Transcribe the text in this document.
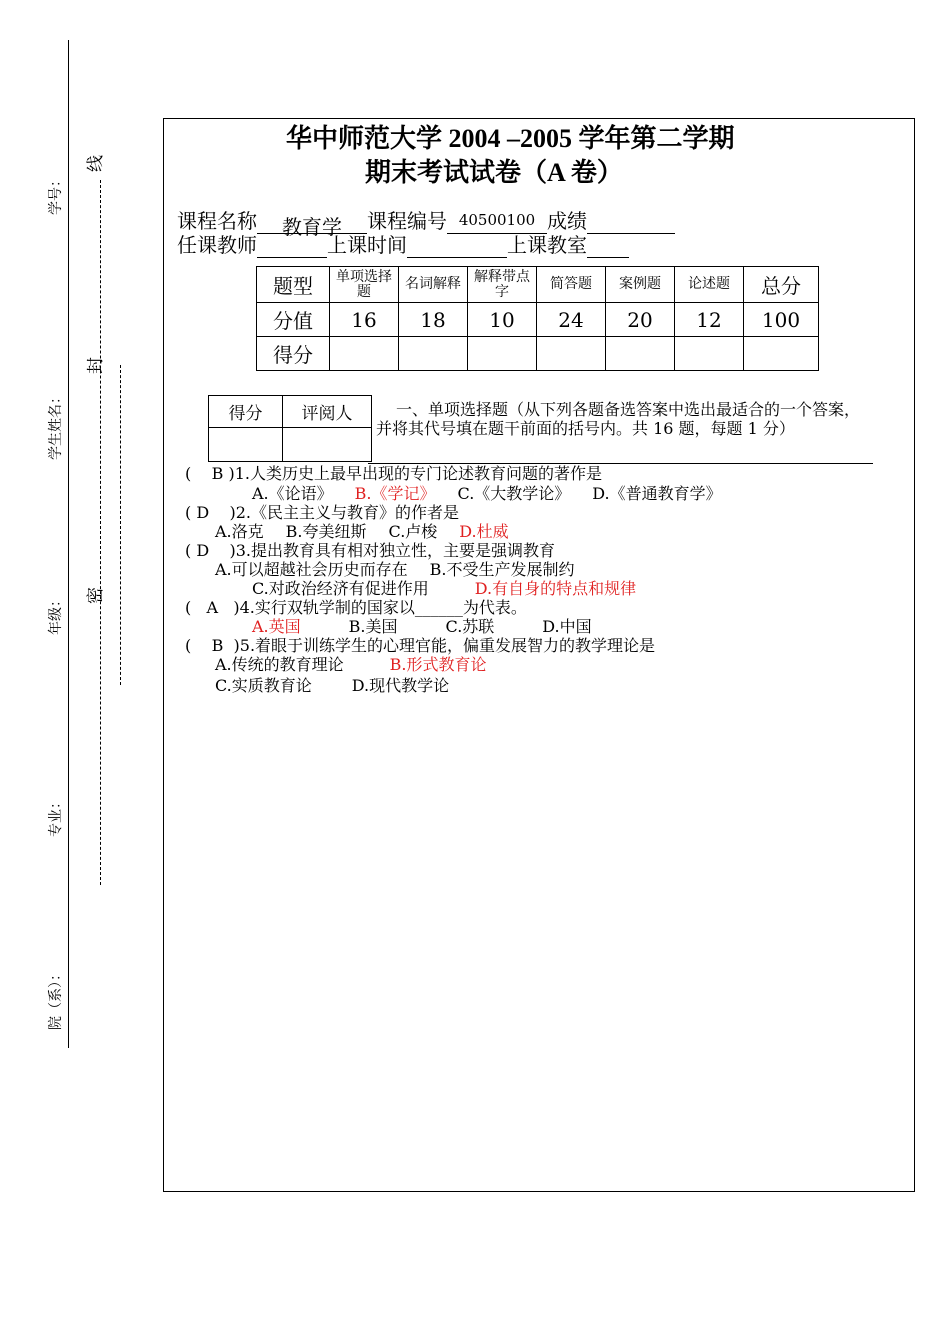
线
封
密
学号：
学生姓名：
年级：
专业：
院（系）：
华中师范大学 2004 –2005 学年第二学期
期末考试试卷（A 卷）
课程名称 教育学 课程编号 40500100 成绩
任课教师	上课时间	上课教室
题型	单项选择题	名词解释	解释带点字	简答题	案例题	论述题	总分
分值	16	18	10	24	20	12	100
得分							
得分	评阅人
		一、单项选择题（从下列各题备选答案中选出最适合的一个答案，并将其代号填在题干前面的括号内。共 16 题，每题 1 分）
(    B )1.人类历史上最早出现的专门论述教育问题的著作是
A.《论语》 B.《学记》 C.《大教学论》 D.《普通教育学》
( D    )2.《民主主义与教育》的作者是
A.洛克 B.夸美纽斯 C.卢梭 D.杜威
( D    )3.提出教育具有相对独立性，主要是强调教育
A.可以超越社会历史而存在 B.不受生产发展制约
C.对政治经济有促进作用	D.有自身的特点和规律
(   A   )4.实行双轨学制的国家以______为代表。
A.英国	B.美国	C.苏联	D.中国
(    B  )5.着眼于训练学生的心理官能，偏重发展智力的教学理论是
A.传统的教育理论	B.形式教育论
C.实质教育论	D.现代教学论
